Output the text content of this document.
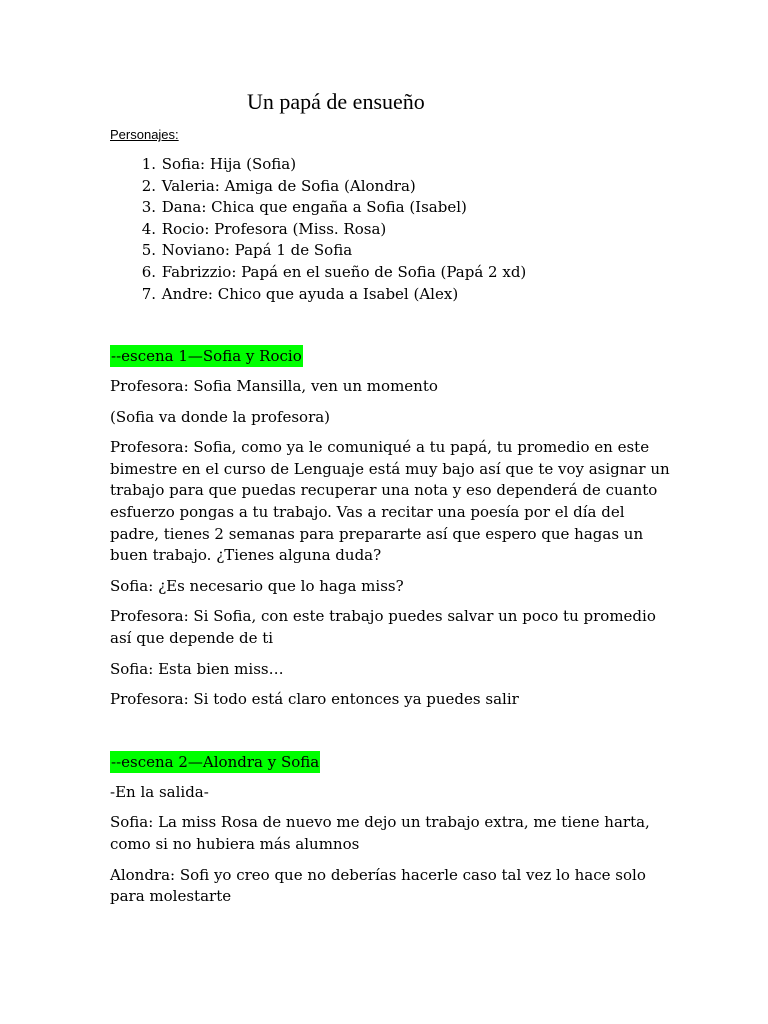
Un papá de ensueño
Personajes:
1. Sofia: Hija (Sofia)
2. Valeria: Amiga de Sofia (Alondra)
3. Dana: Chica que engaña a Sofia (Isabel)
4. Rocio: Profesora (Miss. Rosa)
5. Noviano: Papá 1 de Sofia
6. Fabrizzio: Papá en el sueño de Sofia (Papá 2 xd)
7. Andre: Chico que ayuda a Isabel (Alex)
--escena 1—Sofia y Rocio

Profesora: Sofia Mansilla, ven un momento

(Sofia va donde la profesora)

Profesora: Sofia, como ya le comuniqué a tu papá, tu promedio en este bimestre en el curso de Lenguaje está muy bajo así que te voy asignar un trabajo para que puedas recuperar una nota y eso dependerá de cuanto esfuerzo pongas a tu trabajo. Vas a recitar una poesía por el día del padre, tienes 2 semanas para prepararte así que espero que hagas un buen trabajo. ¿Tienes alguna duda?

Sofia: ¿Es necesario que lo haga miss?

Profesora: Si Sofia, con este trabajo puedes salvar un poco tu promedio así que depende de ti

Sofia: Esta bien miss…

Profesora: Si todo está claro entonces ya puedes salir

--escena 2—Alondra y Sofia

-En la salida-

Sofia: La miss Rosa de nuevo me dejo un trabajo extra, me tiene harta, como si no hubiera más alumnos

Alondra: Sofi yo creo que no deberías hacerle caso tal vez lo hace solo para molestarte
